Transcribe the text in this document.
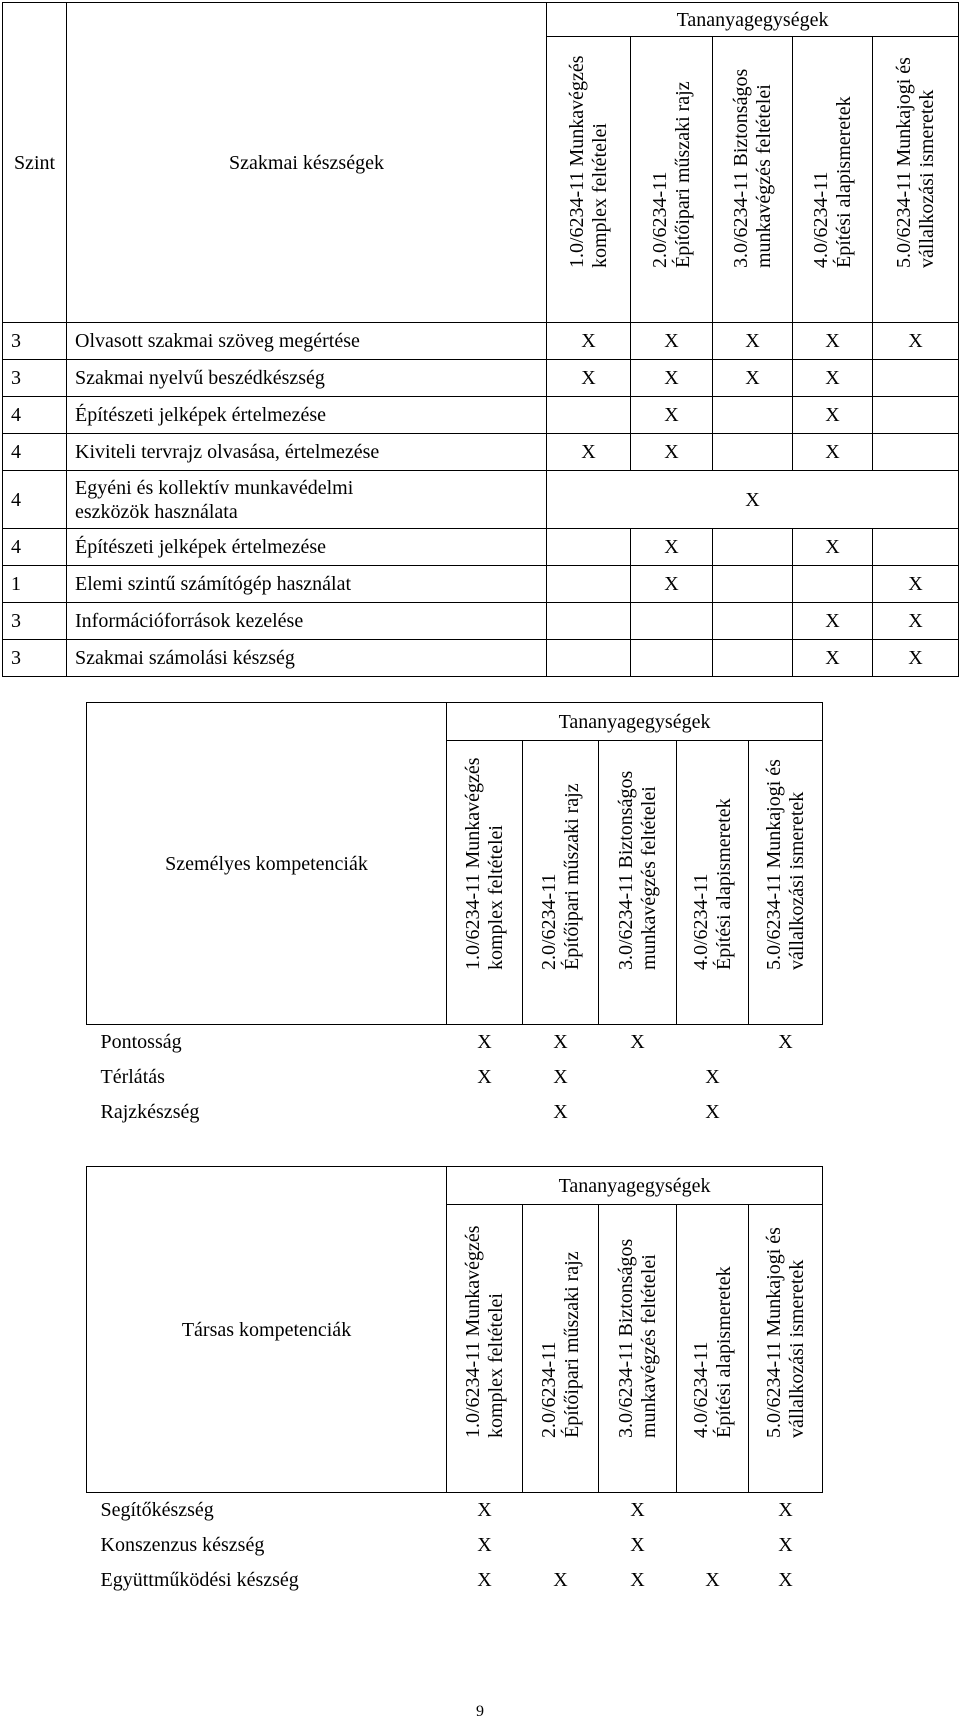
Szint	Szakmai készségek	Tananyagegységek				

		1.0/6234-11 Munkavégzés komplex feltételei	2.0/6234-11 Építőipari műszaki rajz	3.0/6234-11 Biztonságos munkavégzés feltételei	4.0/6234-11 Építési alapismeretek	5.0/6234-11 Munkajogi és vállalkozási ismeretek

3	Olvasott szakmai szöveg megértése	X	X	X	X	X
3	Szakmai nyelvű beszédkészség	X	X	X	X	
4	Építészeti jelképek értelmezése		X		X	
4	Kiviteli tervrajz olvasása, értelmezése	X	X		X	
4	Egyéni és kollektív munkavédelmi eszközök használata	X				
4	Építészeti jelképek értelmezése		X		X	
1	Elemi szintű számítógép használat		X			X
3	Információforrások kezelése				X	X
3	Szakmai számolási készség				X	X
Személyes kompetenciák	Tananyagegységek				

	1.0/6234-11 Munkavégzés komplex feltételei	2.0/6234-11 Építőipari műszaki rajz	3.0/6234-11 Biztonságos munkavégzés feltételei	4.0/6234-11 Építési alapismeretek	5.0/6234-11 Munkajogi és vállalkozási ismeretek

Pontosság	X	X	X		X
Térlátás	X	X		X	
Rajzkészség		X		X	
Társas kompetenciák	Tananyagegységek				

	1.0/6234-11 Munkavégzés komplex feltételei	2.0/6234-11 Építőipari műszaki rajz	3.0/6234-11 Biztonságos munkavégzés feltételei	4.0/6234-11 Építési alapismeretek	5.0/6234-11 Munkajogi és vállalkozási ismeretek

Segítőkészség	X		X		X
Konszenzus készség	X		X		X
Együttműködési készség	X	X	X	X	X
9
